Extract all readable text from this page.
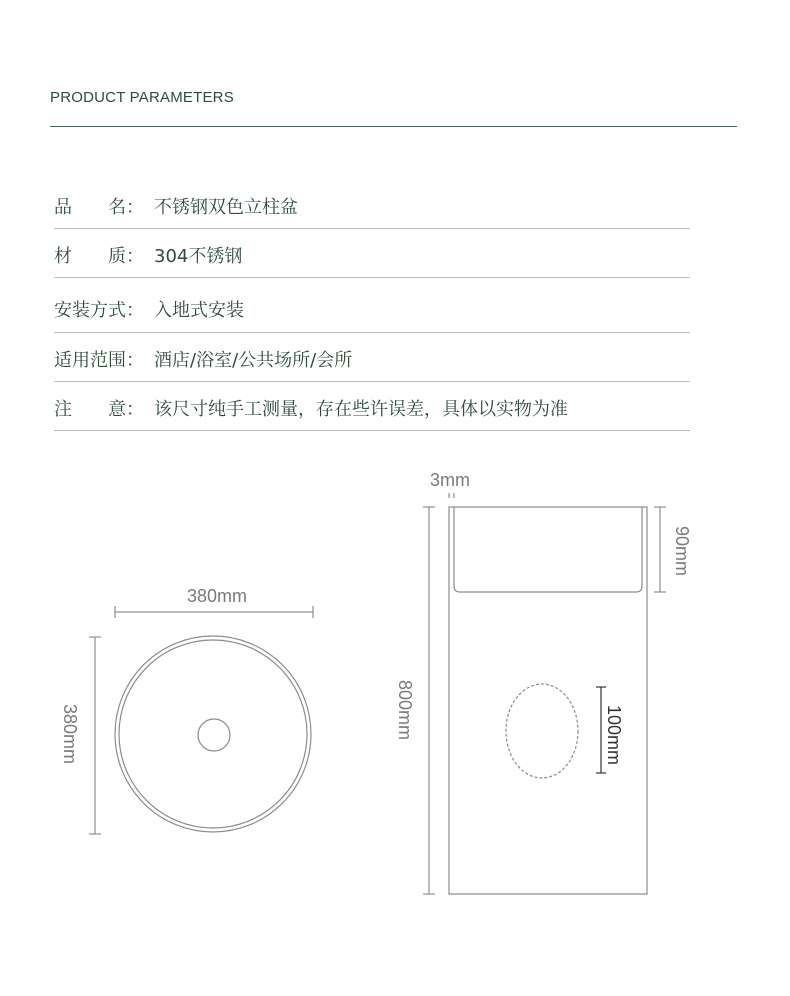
PRODUCT PARAMETERS
品　　名： 不锈钢双色立柱盆
材　　质： 304不锈钢
安装方式： 入地式安装
适用范围： 酒店/浴室/公共场所/会所
注　　意： 该尺寸纯手工测量，存在些许误差，具体以实物为准
380mm
380mm
3mm
90mm
800mm	100mm
